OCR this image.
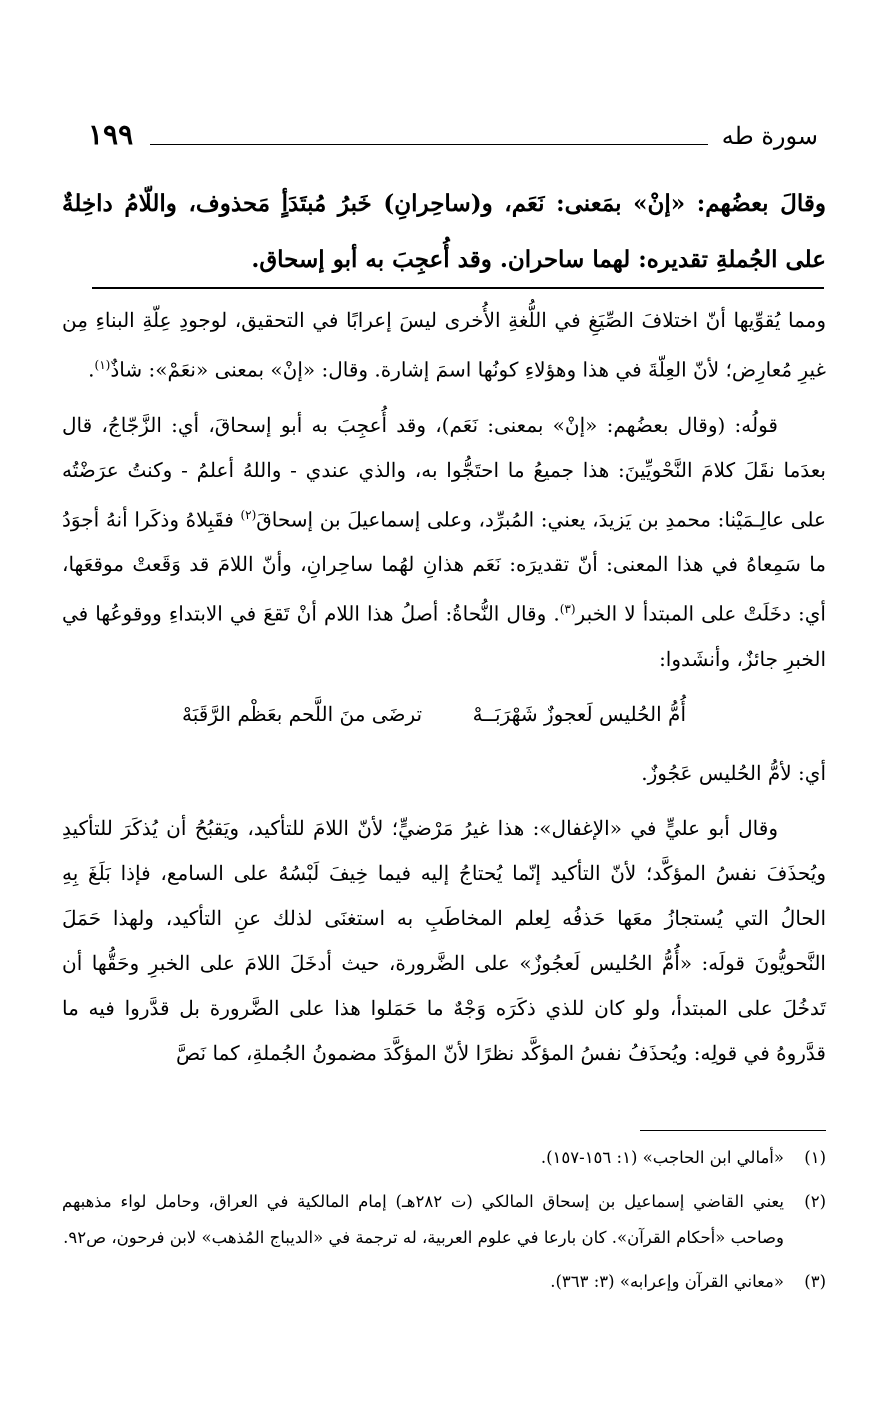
سورة طه
١٩٩
وقالَ بعضُهم: «إنْ» بمَعنى: نَعَم، و(ساحِرانِ) خَبرُ مُبتَدَأٍ مَحذوف، واللّامُ داخِلةٌ على الجُملةِ تقديره: لهما ساحران. وقد أُعجِبَ به أبو إسحاق.

ومما يُقوِّيها أنّ اختلافَ الصِّيَغِ في اللُّغةِ الأُخرى ليسَ إعرابًا في التحقيق، لوجودِ عِلّةِ البناءِ مِن غيرِ مُعارِض؛ لأنّ العِلّةَ في هذا وهؤلاءِ كونُها اسمَ إشارة. وقال: «إنْ» بمعنى «نعَمْ»: شاذٌ$^{(١)}$.

قولُه: (وقال بعضُهم: «إنْ» بمعنى: نَعَم)، وقد أُعجِبَ به أبو إسحاقَ، أي: الزَّجّاجُ، قال بعدَما نقَلَ كلامَ النَّحْويِّينَ: هذا جميعُ ما احتَجُّوا به، والذي عندي - واللهُ أعلمُ - وكنتُ عرَضْتُه على عالِـمَيْنا: محمدِ بن يَزيدَ، يعني: المُبرِّد، وعلى إسماعيلَ بن إسحاقَ$^{(٢)}$ فقَبِلاهُ وذكَرا أنهُ أجوَدُ ما سَمِعاهُ في هذا المعنى: أنّ تقديرَه: نَعَم هذانِ لهُما ساحِرانِ، وأنّ اللامَ قد وَقَعتْ موقعَها، أي: دخَلَتْ على المبتدأ لا الخبر$^{(٣)}$. وقال النُّحاةُ: أصلُ هذا اللام أنْ تَقعَ في الابتداءِ ووقوعُها في الخبرِ جائزٌ، وأنشَدوا:

أُمُّ الحُليس لَعجوزٌ شَهْرَبَــهْ
ترضَى منَ اللَّحم بعَظْم الرَّقَبَهْ

أي: لأمُّ الحُليس عَجُوزٌ.

وقال أبو عليٍّ في «الإغفال»: هذا غيرُ مَرْضيٍّ؛ لأنّ اللامَ للتأكيد، ويَقبُحُ أن يُذكَرَ للتأكيدِ ويُحذَفَ نفسُ المؤكَّد؛ لأنّ التأكيد إنّما يُحتاجُ إليه فيما خِيفَ لَبْسُهُ على السامع، فإذا بَلَغَ بِهِ الحالُ التي يُستجازُ معَها حَذفُه لِعلم المخاطَبِ به استغنَى لذلك عنِ التأكيد، ولهذا حَمَلَ النَّحويُّونَ قولَه: «أُمُّ الحُليس لَعجُوزٌ» على الضَّرورة، حيث أدخَلَ اللامَ على الخبرِ وحَقُّها أن تَدخُلَ على المبتدأ، ولو كان للذي ذكَرَه وَجْهٌ ما حَمَلوا هذا على الضَّرورة بل قدَّروا فيه ما قدَّروهُ في قولِه: ويُحذَفُ نفسُ المؤكَّد نظرًا لأنّ المؤكَّدَ مضمونُ الجُملةِ، كما نَصَّ

(١)
«أمالي ابن الحاجب» (١: ١٥٦-١٥٧).
(٢)
يعني القاضي إسماعيل بن إسحاق المالكي (ت ٢٨٢هـ) إمام المالكية في العراق، وحامل لواء مذهبهم وصاحب «أحكام القرآن». كان بارعا في علوم العربية، له ترجمة في «الديباج المُذهب» لابن فرحون، ص٩٢.
(٣)
«معاني القرآن وإعرابه» (٣: ٣٦٣).
